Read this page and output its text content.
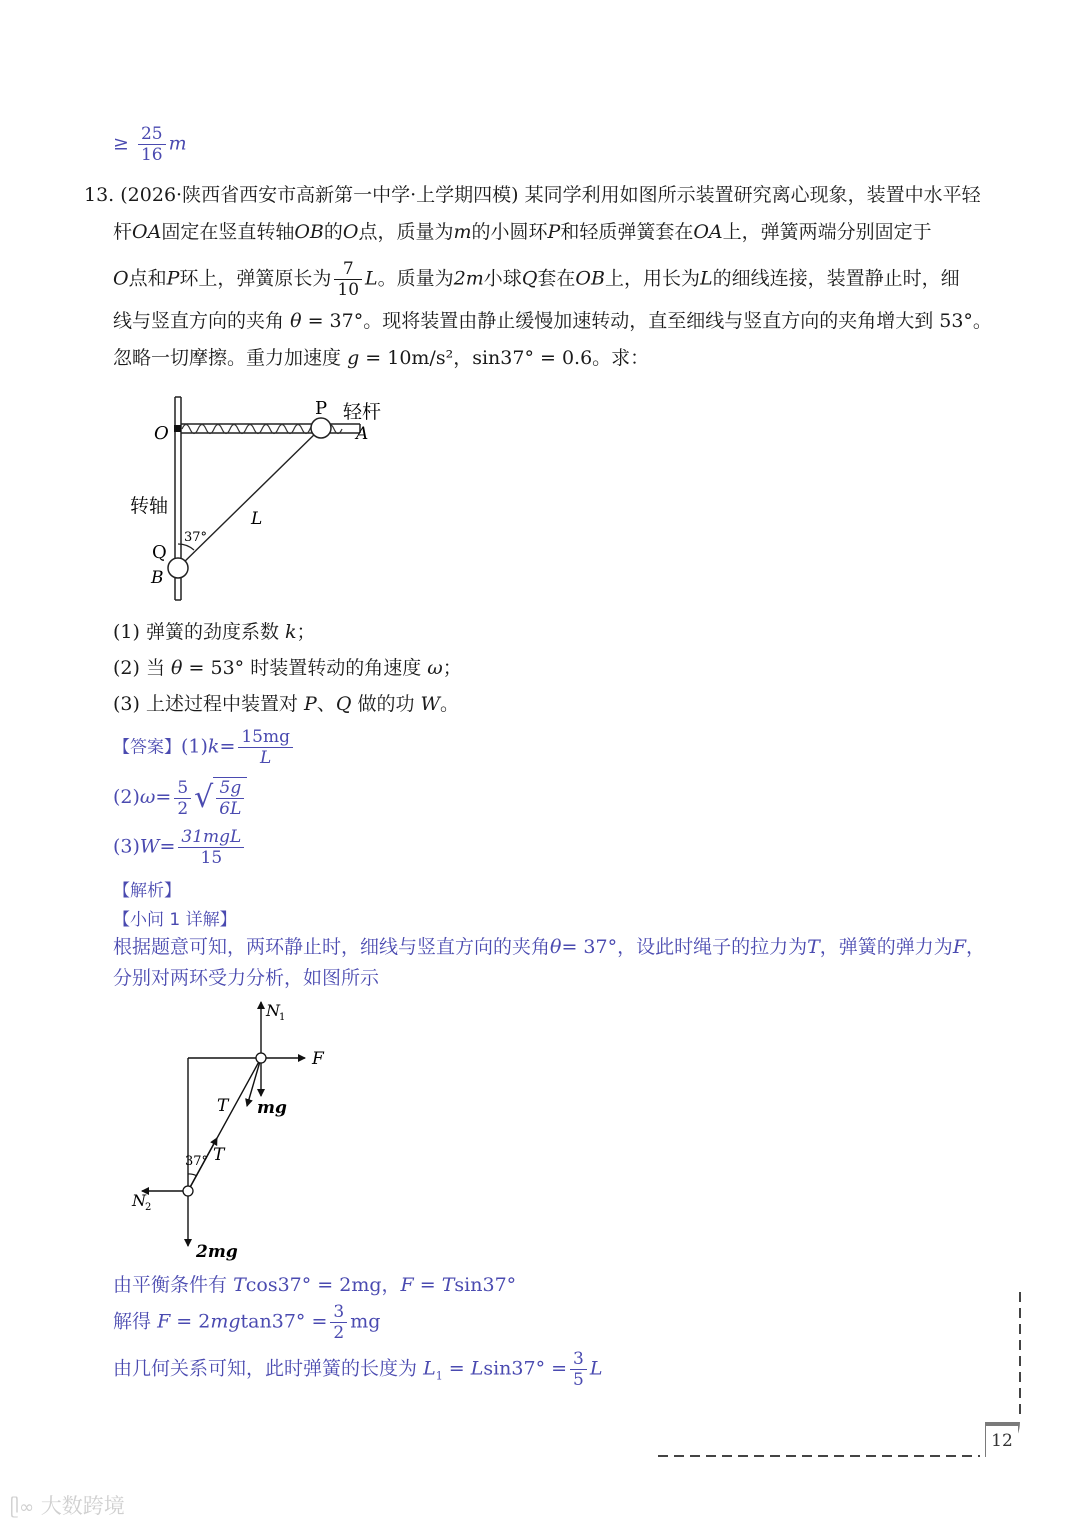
≥ $\frac{25}{16}$ m
13. (2026·陕西省西安市高新第一中学·上学期四模) 某同学利用如图所示装置研究离心现象，装置中水平轻
杆OA固定在竖直转轴OB的O点，质量为m的小圆环P和轻质弹簧套在OA上，弹簧两端分别固定于
O点和P环上，弹簧原长为 $\frac{7}{10}$ L。质量为2m小球Q套在OB上，用长为L的细线连接，装置静止时，细
线与竖直方向的夹角 θ = 37°。现将装置由静止缓慢加速转动，直至细线与竖直方向的夹角增大到 53°。
忽略一切摩擦。重力加速度 g = 10m/s²，sin37° = 0.6。求：
O
P
A
轻杆
转轴
L
37°
Q
B
(1) 弹簧的劲度系数 k；
(2) 当 θ = 53° 时装置转动的角速度 ω；
(3) 上述过程中装置对 P、Q 做的功 W。
【答案】$(1)k= \frac{15mg}{L}$
$(2)\omega= \frac{5}{2}$ √ $\frac{5g}{6L}$
$(3)W= \frac{\text{31mgL}}{15}$
【解析】
【小问 1 详解】
根据题意可知，两环静止时，细线与竖直方向的夹角θ= 37°，设此时绳子的拉力为T，弹簧的弹力为F，
分别对两环受力分析，如图所示
N 1
F
T mg
37° T
N 2
2mg
由平衡条件有 Tcos37° = 2mg，F = Tsin37°
解得 $F = 2mgtan37^\circ = \frac{3}{2}$ mg
由几何关系可知，此时弹簧的长度为 $L_1 = Lsin37^\circ = \frac{3}{5}$ L
12
ᥫ∞ 大数跨境
